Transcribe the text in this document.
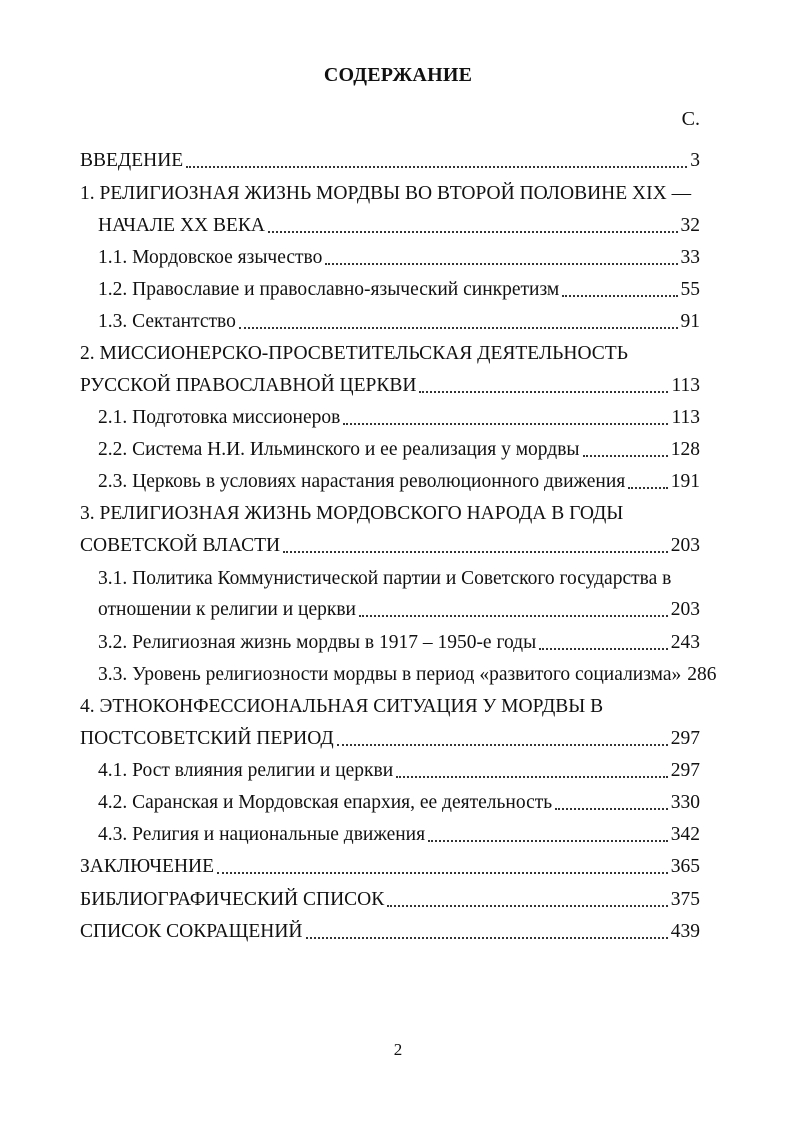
СОДЕРЖАНИЕ
С.
ВВЕДЕНИЕ	3
1. РЕЛИГИОЗНАЯ ЖИЗНЬ МОРДВЫ ВО ВТОРОЙ ПОЛОВИНЕ XIX —
НАЧАЛЕ XX ВЕКА	32
1.1. Мордовское язычество	33
1.2. Православие и православно-языческий синкретизм	55
1.3. Сектантство	91
2. МИССИОНЕРСКО-ПРОСВЕТИТЕЛЬСКАЯ ДЕЯТЕЛЬНОСТЬ
РУССКОЙ ПРАВОСЛАВНОЙ ЦЕРКВИ	113
2.1. Подготовка миссионеров	113
2.2. Система Н.И. Ильминского и ее реализация у мордвы	128
2.3. Церковь в условиях нарастания революционного движения 191
3. РЕЛИГИОЗНАЯ ЖИЗНЬ МОРДОВСКОГО НАРОДА В ГОДЫ
СОВЕТСКОЙ ВЛАСТИ	203
3.1. Политика Коммунистической партии и Советского государства в
отношении к религии и церкви	203
3.2. Религиозная жизнь мордвы в 1917 – 1950-е годы	243
3.3. Уровень религиозности мордвы в период «развитого социализма» 286
4. ЭТНОКОНФЕССИОНАЛЬНАЯ СИТУАЦИЯ У МОРДВЫ В
ПОСТСОВЕТСКИЙ ПЕРИОД	297
4.1. Рост влияния религии и церкви	297
4.2. Саранская и Мордовская епархия, ее деятельность	330
4.3. Религия и национальные движения	342
ЗАКЛЮЧЕНИЕ	365
БИБЛИОГРАФИЧЕСКИЙ СПИСОК	375
СПИСОК СОКРАЩЕНИЙ	439
2
